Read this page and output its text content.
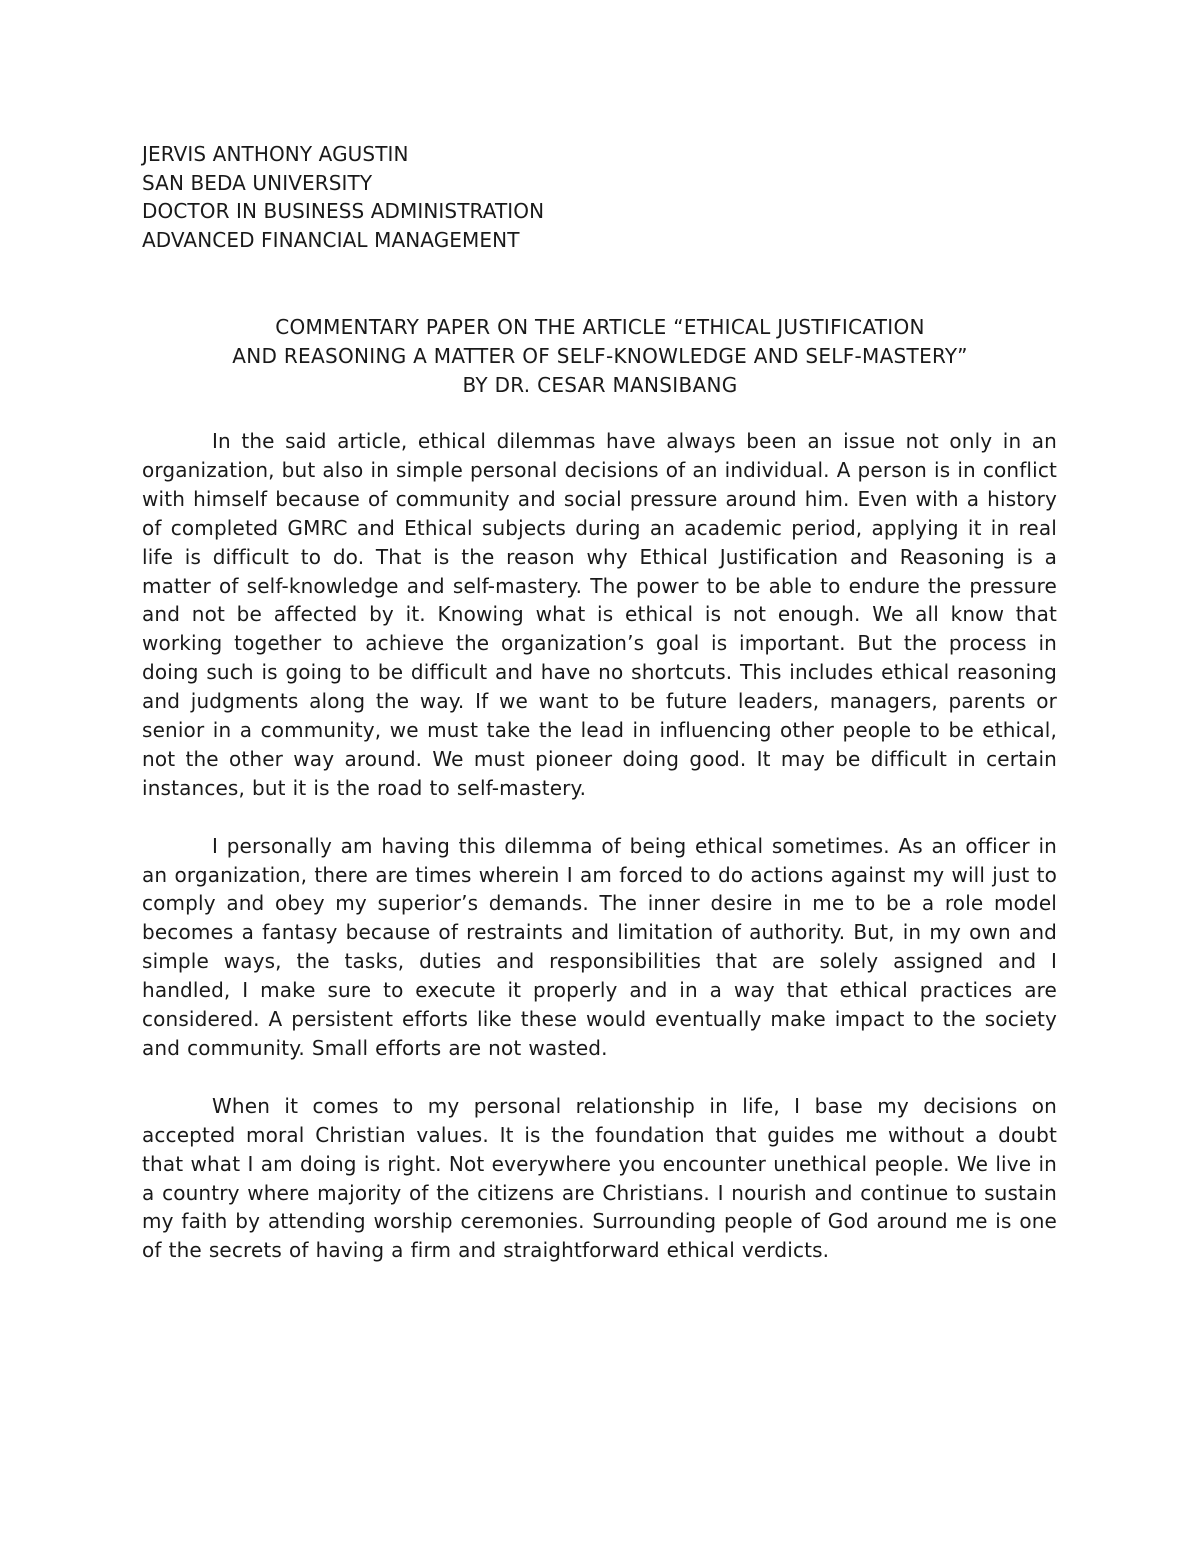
JERVIS ANTHONY AGUSTIN
SAN BEDA UNIVERSITY
DOCTOR IN BUSINESS ADMINISTRATION
ADVANCED FINANCIAL MANAGEMENT
COMMENTARY PAPER ON THE ARTICLE “ETHICAL JUSTIFICATION
AND REASONING A MATTER OF SELF-KNOWLEDGE AND SELF-MASTERY”
BY DR. CESAR MANSIBANG

In the said article, ethical dilemmas have always been an issue not only in an organization, but also in simple personal decisions of an individual. A person is in conflict with himself because of community and social pressure around him. Even with a history of completed GMRC and Ethical subjects during an academic period, applying it in real life is difficult to do. That is the reason why Ethical Justification and Reasoning is a matter of self-knowledge and self-mastery. The power to be able to endure the pressure and not be affected by it. Knowing what is ethical is not enough. We all know that working together to achieve the organization’s goal is important. But the process in doing such is going to be difficult and have no shortcuts. This includes ethical reasoning and judgments along the way. If we want to be future leaders, managers, parents or senior in a community, we must take the lead in influencing other people to be ethical, not the other way around. We must pioneer doing good. It may be difficult in certain instances, but it is the road to self-mastery.

I personally am having this dilemma of being ethical sometimes. As an officer in an organization, there are times wherein I am forced to do actions against my will just to comply and obey my superior’s demands. The inner desire in me to be a role model becomes a fantasy because of restraints and limitation of authority. But, in my own and simple ways, the tasks, duties and responsibilities that are solely assigned and I handled, I make sure to execute it properly and in a way that ethical practices are considered. A persistent efforts like these would eventually make impact to the society and community. Small efforts are not wasted.

When it comes to my personal relationship in life, I base my decisions on accepted moral Christian values. It is the foundation that guides me without a doubt that what I am doing is right. Not everywhere you encounter unethical people. We live in a country where majority of the citizens are Christians. I nourish and continue to sustain my faith by attending worship ceremonies. Surrounding people of God around me is one of the secrets of having a firm and straightforward ethical verdicts.
